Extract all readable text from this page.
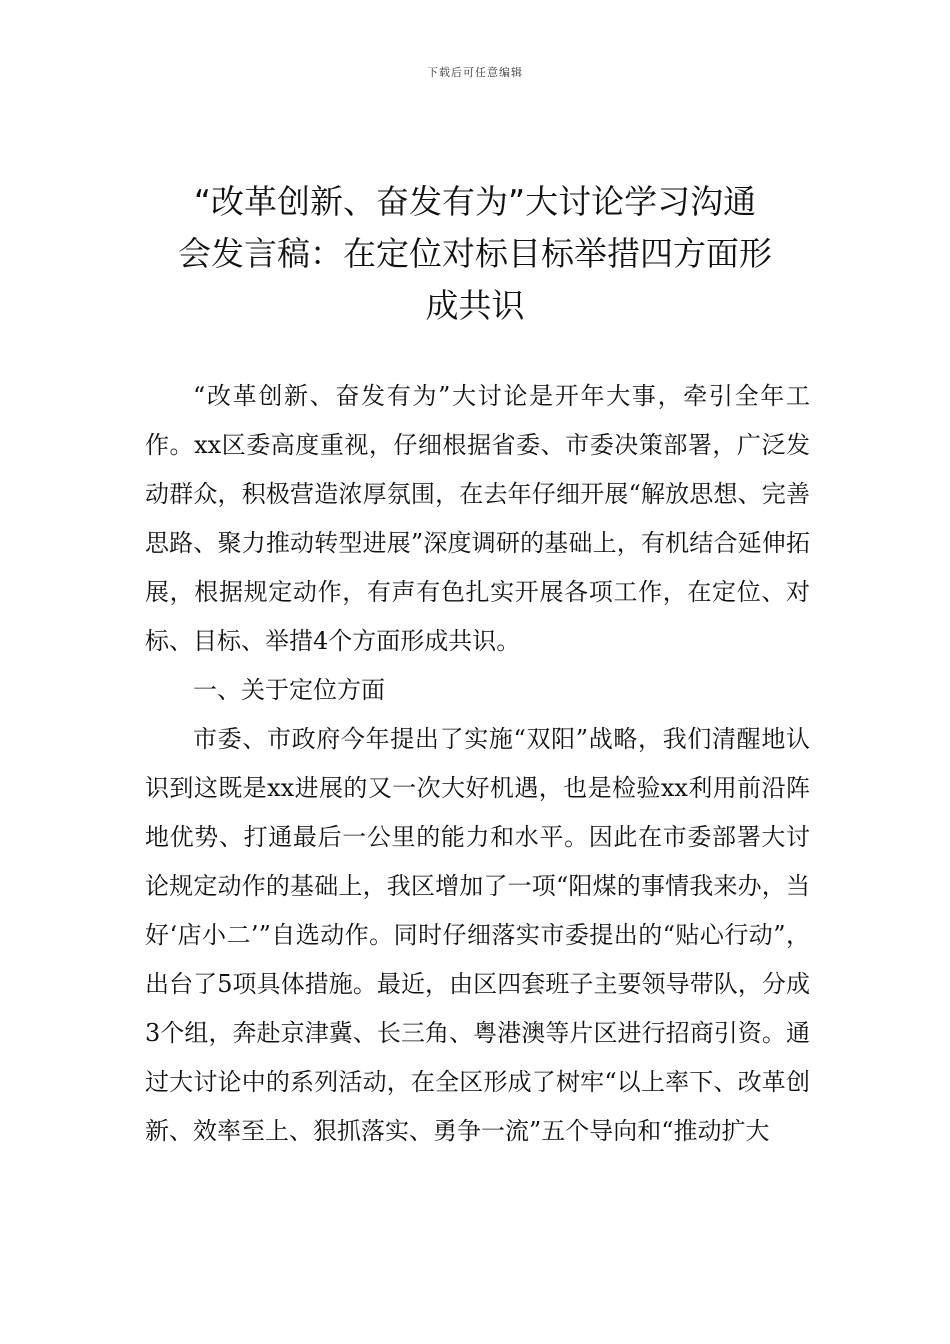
下载后可任意编辑
“改革创新、奋发有为”大讨论学习沟通
会发言稿：在定位对标目标举措四方面形
成共识

“改革创新、奋发有为”大讨论是开年大事，牵引全年工作。xx区委高度重视，仔细根据省委、市委决策部署，广泛发动群众，积极营造浓厚氛围，在去年仔细开展“解放思想、完善思路、聚力推动转型进展”深度调研的基础上，有机结合延伸拓展，根据规定动作，有声有色扎实开展各项工作，在定位、对标、目标、举措4个方面形成共识。

一、关于定位方面

市委、市政府今年提出了实施“双阳”战略，我们清醒地认识到这既是xx进展的又一次大好机遇，也是检验xx利用前沿阵地优势、打通最后一公里的能力和水平。因此在市委部署大讨论规定动作的基础上，我区增加了一项“阳煤的事情我来办，当好‘店小二’”自选动作。同时仔细落实市委提出的“贴心行动”，出台了5项具体措施。最近，由区四套班子主要领导带队，分成3个组，奔赴京津冀、长三角、粤港澳等片区进行招商引资。通过大讨论中的系列活动，在全区形成了树牢“以上率下、改革创新、效率至上、狠抓落实、勇争一流”五个导向和“推动扩大
